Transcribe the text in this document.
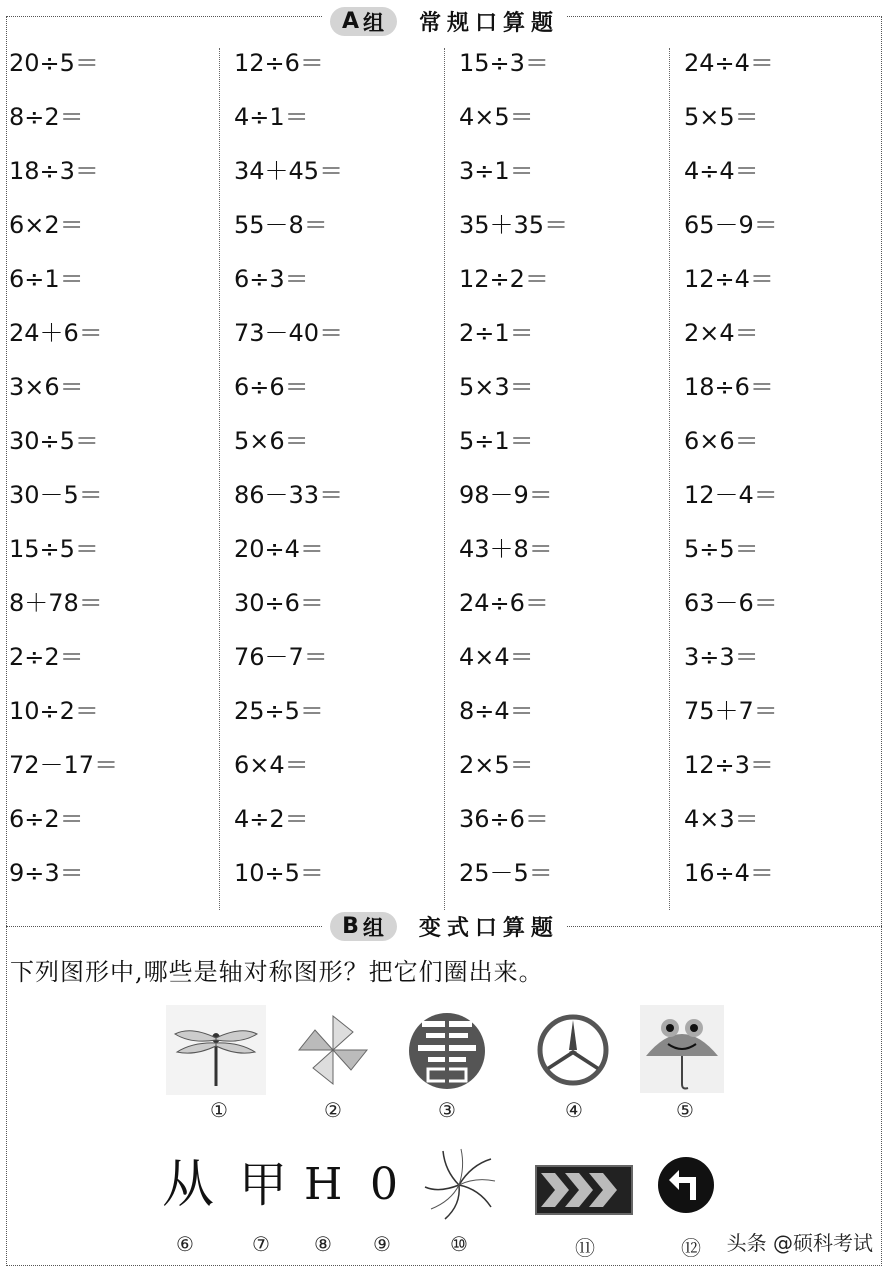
A 组 常规口算题
20÷5＝
8÷2＝
18÷3＝
6×2＝
6÷1＝
24＋6＝
3×6＝
30÷5＝
30－5＝
15÷5＝
8＋78＝
2÷2＝
10÷2＝
72－17＝
6÷2＝
9÷3＝
12÷6＝
4÷1＝
34＋45＝
55－8＝
6÷3＝
73－40＝
6÷6＝
5×6＝
86－33＝
20÷4＝
30÷6＝
76－7＝
25÷5＝
6×4＝
4÷2＝
10÷5＝
15÷3＝
4×5＝
3÷1＝
35＋35＝
12÷2＝
2÷1＝
5×3＝
5÷1＝
98－9＝
43＋8＝
24÷6＝
4×4＝
8÷4＝
2×5＝
36÷6＝
25－5＝
24÷4＝
5×5＝
4÷4＝
65－9＝
12÷4＝
2×4＝
18÷6＝
6×6＝
12－4＝
5÷5＝
63－6＝
3÷3＝
75＋7＝
12÷3＝
4×3＝
16÷4＝
B 组 变式口算题
下列图形中,哪些是轴对称图形？把它们圈出来。
①	②	③	④	⑤
从 甲 H 0
⑥	⑦	⑧	⑨	⑩	⑪	⑫ 头条 @硕科考试
